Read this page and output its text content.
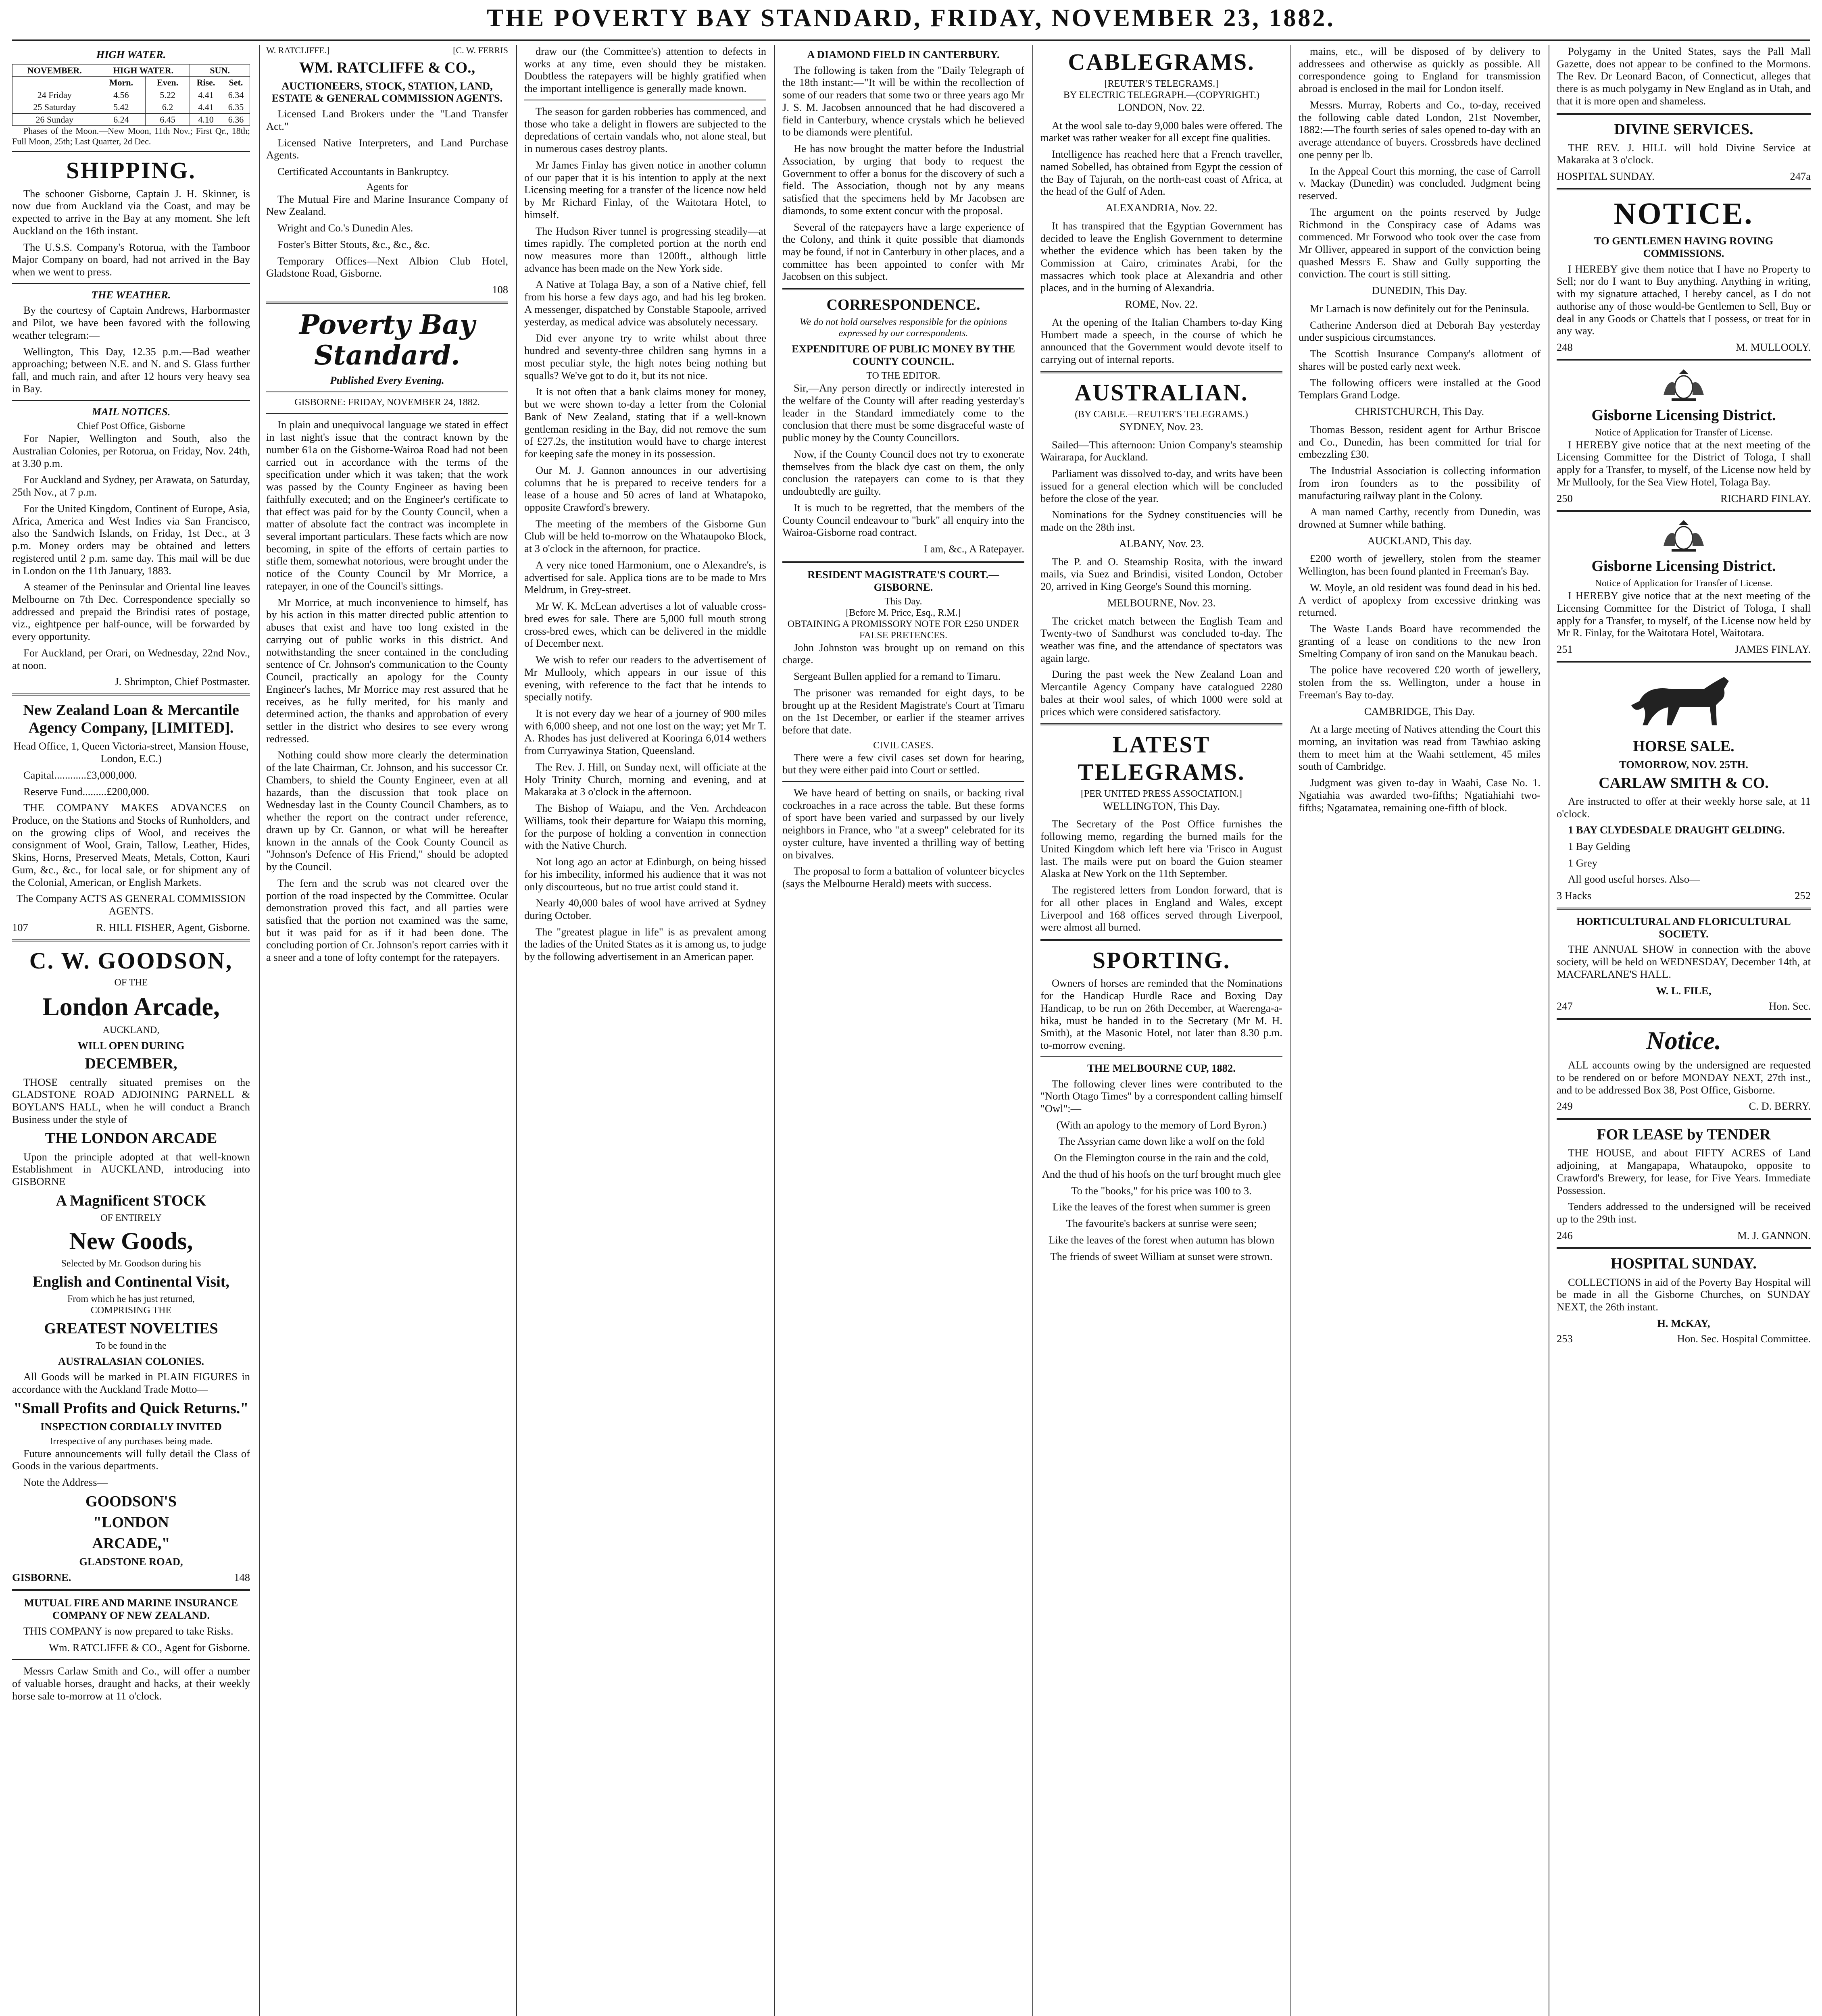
THE POVERTY BAY STANDARD, FRIDAY, NOVEMBER 23, 1882.
HIGH WATER.
NOVEMBER.	HIGH WATER.		SUN.	
	Morn.	Even.	Rise.	Set.
24 Friday	4.56	5.22	4.41	6.34
25 Saturday	5.42	6.2	4.41	6.35
26 Sunday	6.24	6.45	4.10	6.36

Phases of the Moon.—New Moon, 11th Nov.; First Qr., 18th; Full Moon, 25th; Last Quarter, 2d Dec.

SHIPPING.

The schooner Gisborne, Captain J. H. Skinner, is now due from Auckland via the Coast, and may be expected to arrive in the Bay at any moment. She left Auckland on the 16th instant.

The U.S.S. Company's Rotorua, with the Tamboor Major Company on board, had not arrived in the Bay when we went to press.

THE WEATHER.

By the courtesy of Captain Andrews, Harbormaster and Pilot, we have been favored with the following weather telegram:—

Wellington, This Day, 12.35 p.m.—Bad weather approaching; between N.E. and N. and S. Glass further fall, and much rain, and after 12 hours very heavy sea in Bay.

MAIL NOTICES.
Chief Post Office, Gisborne

For Napier, Wellington and South, also the Australian Colonies, per Rotorua, on Friday, Nov. 24th, at 3.30 p.m.

For Auckland and Sydney, per Arawata, on Saturday, 25th Nov., at 7 p.m.

For the United Kingdom, Continent of Europe, Asia, Africa, America and West Indies via San Francisco, also the Sandwich Islands, on Friday, 1st Dec., at 3 p.m. Money orders may be obtained and letters registered until 2 p.m. same day. This mail will be due in London on the 11th January, 1883.

A steamer of the Peninsular and Oriental line leaves Melbourne on 7th Dec. Correspondence specially so addressed and prepaid the Brindisi rates of postage, viz., eightpence per half-ounce, will be forwarded by every opportunity.

For Auckland, per Orari, on Wednesday, 22nd Nov., at noon.

J. Shrimpton, Chief Postmaster.
New Zealand Loan & Mercantile Agency Company, [LIMITED].

Head Office, 1, Queen Victoria-street, Mansion House, London, E.C.)

Capital............£3,000,000.

Reserve Fund.........£200,000.

THE COMPANY MAKES ADVANCES on Produce, on the Stations and Stocks of Runholders, and on the growing clips of Wool, and receives the consignment of Wool, Grain, Tallow, Leather, Hides, Skins, Horns, Preserved Meats, Metals, Cotton, Kauri Gum, &c., &c., for local sale, or for shipment any of the Colonial, American, or English Markets.

The Company ACTS AS GENERAL COMMISSION AGENTS.

107	R. HILL FISHER, Agent, Gisborne.
C. W. GOODSON,
OF THE
London Arcade,
AUCKLAND,
WILL OPEN DURING
DECEMBER,

THOSE centrally situated premises on the GLADSTONE ROAD ADJOINING PARNELL & BOYLAN'S HALL, when he will conduct a Branch Business under the style of

THE LONDON ARCADE

Upon the principle adopted at that well-known Establishment in AUCKLAND, introducing into GISBORNE

A Magnificent STOCK
OF ENTIRELY
New Goods,
Selected by Mr. Goodson during his
English and Continental Visit,
From which he has just returned,
COMPRISING THE
GREATEST NOVELTIES
To be found in the
AUSTRALASIAN COLONIES.

All Goods will be marked in PLAIN FIGURES in accordance with the Auckland Trade Motto—

"Small Profits and Quick Returns."
INSPECTION CORDIALLY INVITED
Irrespective of any purchases being made.

Future announcements will fully detail the Class of Goods in the various departments.

Note the Address—

GOODSON'S
"LONDON
ARCADE,"
GLADSTONE ROAD,
GISBORNE.	148
MUTUAL FIRE AND MARINE INSURANCE COMPANY OF NEW ZEALAND.

THIS COMPANY is now prepared to take Risks.

Wm. RATCLIFFE & CO., Agent for Gisborne.

Messrs Carlaw Smith and Co., will offer a number of valuable horses, draught and hacks, at their weekly horse sale to-morrow at 11 o'clock.

W. RATCLIFFE.]	[C. W. FERRIS
WM. RATCLIFFE & CO.,
AUCTIONEERS, STOCK, STATION, LAND, ESTATE & GENERAL COMMISSION AGENTS.

Licensed Land Brokers under the "Land Transfer Act."

Licensed Native Interpreters, and Land Purchase Agents.

Certificated Accountants in Bankruptcy.

Agents for

The Mutual Fire and Marine Insurance Company of New Zealand.

Wright and Co.'s Dunedin Ales.

Foster's Bitter Stouts, &c., &c., &c.

Temporary Offices—Next Albion Club Hotel, Gladstone Road, Gisborne.

108
Poverty Bay Standard.
Published Every Evening.
GISBORNE: FRIDAY, NOVEMBER 24, 1882.

In plain and unequivocal language we stated in effect in last night's issue that the contract known by the number 61a on the Gisborne-Wairoa Road had not been carried out in accordance with the terms of the specification under which it was taken; that the work was passed by the County Engineer as having been faithfully executed; and on the Engineer's certificate to that effect was paid for by the County Council, when a matter of absolute fact the contract was incomplete in several important particulars. These facts which are now becoming, in spite of the efforts of certain parties to stifle them, somewhat notorious, were brought under the notice of the County Council by Mr Morrice, a ratepayer, in one of the Council's sittings.

Mr Morrice, at much inconvenience to himself, has by his action in this matter directed public attention to abuses that exist and have too long existed in the carrying out of public works in this district. And notwithstanding the sneer contained in the concluding sentence of Cr. Johnson's communication to the County Council, practically an apology for the County Engineer's laches, Mr Morrice may rest assured that he receives, as he fully merited, for his manly and determined action, the thanks and approbation of every settler in the district who desires to see every wrong redressed.

Nothing could show more clearly the determination of the late Chairman, Cr. Johnson, and his successor Cr. Chambers, to shield the County Engineer, even at all hazards, than the discussion that took place on Wednesday last in the County Council Chambers, as to whether the report on the contract under reference, drawn up by Cr. Gannon, or what will be hereafter known in the annals of the Cook County Council as "Johnson's Defence of His Friend," should be adopted by the Council.

The fern and the scrub was not cleared over the portion of the road inspected by the Committee. Ocular demonstration proved this fact, and all parties were satisfied that the portion not examined was the same, but it was paid for as if it had been done. The concluding portion of Cr. Johnson's report carries with it a sneer and a tone of lofty contempt for the ratepayers.

draw our (the Committee's) attention to defects in works at any time, even should they be mistaken. Doubtless the ratepayers will be highly gratified when the important intelligence is generally made known.

The season for garden robberies has commenced, and those who take a delight in flowers are subjected to the depredations of certain vandals who, not alone steal, but in numerous cases destroy plants.

Mr James Finlay has given notice in another column of our paper that it is his intention to apply at the next Licensing meeting for a transfer of the licence now held by Mr Richard Finlay, of the Waitotara Hotel, to himself.

The Hudson River tunnel is progressing steadily—at times rapidly. The completed portion at the north end now measures more than 1200ft., although little advance has been made on the New York side.

A Native at Tolaga Bay, a son of a Native chief, fell from his horse a few days ago, and had his leg broken. A messenger, dispatched by Constable Stapoole, arrived yesterday, as medical advice was absolutely necessary.

Did ever anyone try to write whilst about three hundred and seventy-three children sang hymns in a most peculiar style, the high notes being nothing but squalls? We've got to do it, but its not nice.

It is not often that a bank claims money for money, but we were shown to-day a letter from the Colonial Bank of New Zealand, stating that if a well-known gentleman residing in the Bay, did not remove the sum of £27.2s, the institution would have to charge interest for keeping safe the money in its possession.

Our M. J. Gannon announces in our advertising columns that he is prepared to receive tenders for a lease of a house and 50 acres of land at Whatapoko, opposite Crawford's brewery.

The meeting of the members of the Gisborne Gun Club will be held to-morrow on the Whataupoko Block, at 3 o'clock in the afternoon, for practice.

A very nice toned Harmonium, one o Alexandre's, is advertised for sale. Applica tions are to be made to Mrs Meldrum, in Grey-street.

Mr W. K. McLean advertises a lot of valuable cross-bred ewes for sale. There are 5,000 full mouth strong cross-bred ewes, which can be delivered in the middle of December next.

We wish to refer our readers to the advertisement of Mr Mullooly, which appears in our issue of this evening, with reference to the fact that he intends to specially notify.

It is not every day we hear of a journey of 900 miles with 6,000 sheep, and not one lost on the way; yet Mr T. A. Rhodes has just delivered at Kooringa 6,014 wethers from Curryawinya Station, Queensland.

The Rev. J. Hill, on Sunday next, will officiate at the Holy Trinity Church, morning and evening, and at Makaraka at 3 o'clock in the afternoon.

The Bishop of Waiapu, and the Ven. Archdeacon Williams, took their departure for Waiapu this morning, for the purpose of holding a convention in connection with the Native Church.

Not long ago an actor at Edinburgh, on being hissed for his imbecility, informed his audience that it was not only discourteous, but no true artist could stand it.

Nearly 40,000 bales of wool have arrived at Sydney during October.

The "greatest plague in life" is as prevalent among the ladies of the United States as it is among us, to judge by the following advertisement in an American paper.

A DIAMOND FIELD IN CANTERBURY.

The following is taken from the "Daily Telegraph of the 18th instant:—"It will be within the recollection of some of our readers that some two or three years ago Mr J. S. M. Jacobsen announced that he had discovered a field in Canterbury, whence crystals which he believed to be diamonds were plentiful.

He has now brought the matter before the Industrial Association, by urging that body to request the Government to offer a bonus for the discovery of such a field. The Association, though not by any means satisfied that the specimens held by Mr Jacobsen are diamonds, to some extent concur with the proposal.

Several of the ratepayers have a large experience of the Colony, and think it quite possible that diamonds may be found, if not in Canterbury in other places, and a committee has been appointed to confer with Mr Jacobsen on this subject.

CORRESPONDENCE.
We do not hold ourselves responsible for the opinions expressed by our correspondents.
EXPENDITURE OF PUBLIC MONEY BY THE COUNTY COUNCIL.
TO THE EDITOR.

Sir,—Any person directly or indirectly interested in the welfare of the County will after reading yesterday's leader in the Standard immediately come to the conclusion that there must be some disgraceful waste of public money by the County Councillors.

Now, if the County Council does not try to exonerate themselves from the black dye cast on them, the only conclusion the ratepayers can come to is that they undoubtedly are guilty.

It is much to be regretted, that the members of the County Council endeavour to "burk" all enquiry into the Wairoa-Gisborne road contract.

I am, &c., A Ratepayer.
RESIDENT MAGISTRATE'S COURT.—GISBORNE.
This Day.
[Before M. Price, Esq., R.M.]
OBTAINING A PROMISSORY NOTE FOR £250 UNDER FALSE PRETENCES.

John Johnston was brought up on remand on this charge.

Sergeant Bullen applied for a remand to Timaru.

The prisoner was remanded for eight days, to be brought up at the Resident Magistrate's Court at Timaru on the 1st December, or earlier if the steamer arrives before that date.

CIVIL CASES.

There were a few civil cases set down for hearing, but they were either paid into Court or settled.

We have heard of betting on snails, or backing rival cockroaches in a race across the table. But these forms of sport have been varied and surpassed by our lively neighbors in France, who "at a sweep" celebrated for its oyster culture, have invented a thrilling way of betting on bivalves.

The proposal to form a battalion of volunteer bicycles (says the Melbourne Herald) meets with success.

CABLEGRAMS.
[REUTER'S TELEGRAMS.]
BY ELECTRIC TELEGRAPH.—(COPYRIGHT.)
LONDON, Nov. 22.

At the wool sale to-day 9,000 bales were offered. The market was rather weaker for all except fine qualities.

Intelligence has reached here that a French traveller, named Sobelled, has obtained from Egypt the cession of the Bay of Tajurah, on the north-east coast of Africa, at the head of the Gulf of Aden.

ALEXANDRIA, Nov. 22.

It has transpired that the Egyptian Government has decided to leave the English Government to determine whether the evidence which has been taken by the Commission at Cairo, criminates Arabi, for the massacres which took place at Alexandria and other places, and in the burning of Alexandria.

ROME, Nov. 22.

At the opening of the Italian Chambers to-day King Humbert made a speech, in the course of which he announced that the Government would devote itself to carrying out of internal reports.

AUSTRALIAN.
(BY CABLE.—REUTER'S TELEGRAMS.)
SYDNEY, Nov. 23.

Sailed—This afternoon: Union Company's steamship Wairarapa, for Auckland.

Parliament was dissolved to-day, and writs have been issued for a general election which will be concluded before the close of the year.

Nominations for the Sydney constituencies will be made on the 28th inst.

ALBANY, Nov. 23.

The P. and O. Steamship Rosita, with the inward mails, via Suez and Brindisi, visited London, October 20, arrived in King George's Sound this morning.

MELBOURNE, Nov. 23.

The cricket match between the English Team and Twenty-two of Sandhurst was concluded to-day. The weather was fine, and the attendance of spectators was again large.

During the past week the New Zealand Loan and Mercantile Agency Company have catalogued 2280 bales at their wool sales, of which 1000 were sold at prices which were considered satisfactory.

LATEST TELEGRAMS.
[PER UNITED PRESS ASSOCIATION.]
WELLINGTON, This Day.

The Secretary of the Post Office furnishes the following memo, regarding the burned mails for the United Kingdom which left here via 'Frisco in August last. The mails were put on board the Guion steamer Alaska at New York on the 11th September.

The registered letters from London forward, that is for all other places in England and Wales, except Liverpool and 168 offices served through Liverpool, were almost all burned.

SPORTING.

Owners of horses are reminded that the Nominations for the Handicap Hurdle Race and Boxing Day Handicap, to be run on 26th December, at Waerenga-a-hika, must be handed in to the Secretary (Mr M. H. Smith), at the Masonic Hotel, not later than 8.30 p.m. to-morrow evening.

THE MELBOURNE CUP, 1882.

The following clever lines were contributed to the "North Otago Times" by a correspondent calling himself "Owl":—

(With an apology to the memory of Lord Byron.)

The Assyrian came down like a wolf on the fold

On the Flemington course in the rain and the cold,

And the thud of his hoofs on the turf brought much glee

To the "books," for his price was 100 to 3.

Like the leaves of the forest when summer is green

The favourite's backers at sunrise were seen;

Like the leaves of the forest when autumn has blown

The friends of sweet William at sunset were strown.

mains, etc., will be disposed of by delivery to addressees and otherwise as quickly as possible. All correspondence going to England for transmission abroad is enclosed in the mail for London itself.

Messrs. Murray, Roberts and Co., to-day, received the following cable dated London, 21st November, 1882:—The fourth series of sales opened to-day with an average attendance of buyers. Crossbreds have declined one penny per lb.

In the Appeal Court this morning, the case of Carroll v. Mackay (Dunedin) was concluded. Judgment being reserved.

The argument on the points reserved by Judge Richmond in the Conspiracy case of Adams was commenced. Mr Forwood who took over the case from Mr Olliver, appeared in support of the conviction being quashed Messrs E. Shaw and Gully supporting the conviction. The court is still sitting.

DUNEDIN, This Day.

Mr Larnach is now definitely out for the Peninsula.

Catherine Anderson died at Deborah Bay yesterday under suspicious circumstances.

The Scottish Insurance Company's allotment of shares will be posted early next week.

The following officers were installed at the Good Templars Grand Lodge.

CHRISTCHURCH, This Day.

Thomas Besson, resident agent for Arthur Briscoe and Co., Dunedin, has been committed for trial for embezzling £30.

The Industrial Association is collecting information from iron founders as to the possibility of manufacturing railway plant in the Colony.

A man named Carthy, recently from Dunedin, was drowned at Sumner while bathing.

AUCKLAND, This day.

£200 worth of jewellery, stolen from the steamer Wellington, has been found planted in Freeman's Bay.

W. Moyle, an old resident was found dead in his bed. A verdict of apoplexy from excessive drinking was returned.

The Waste Lands Board have recommended the granting of a lease on conditions to the new Iron Smelting Company of iron sand on the Manukau beach.

The police have recovered £20 worth of jewellery, stolen from the ss. Wellington, under a house in Freeman's Bay to-day.

CAMBRIDGE, This Day.

At a large meeting of Natives attending the Court this morning, an invitation was read from Tawhiao asking them to meet him at the Waahi settlement, 45 miles south of Cambridge.

Judgment was given to-day in Waahi, Case No. 1. Ngatiahia was awarded two-fifths; Ngatiahiahi two-fifths; Ngatamatea, remaining one-fifth of block.

Polygamy in the United States, says the Pall Mall Gazette, does not appear to be confined to the Mormons. The Rev. Dr Leonard Bacon, of Connecticut, alleges that there is as much polygamy in New England as in Utah, and that it is more open and shameless.

DIVINE SERVICES.

THE REV. J. HILL will hold Divine Service at Makaraka at 3 o'clock.

HOSPITAL SUNDAY.	247a
NOTICE.
TO GENTLEMEN HAVING ROVING COMMISSIONS.

I HEREBY give them notice that I have no Property to Sell; nor do I want to Buy anything. Anything in writing, with my signature attached, I hereby cancel, as I do not authorise any of those would-be Gentlemen to Sell, Buy or deal in any Goods or Chattels that I possess, or treat for in any way.

248	M. MULLOOLY.
Gisborne Licensing District.
Notice of Application for Transfer of License.

I HEREBY give notice that at the next meeting of the Licensing Committee for the District of Tologa, I shall apply for a Transfer, to myself, of the License now held by Mr Mullooly, for the Sea View Hotel, Tolaga Bay.

250	RICHARD FINLAY.
Gisborne Licensing District.
Notice of Application for Transfer of License.

I HEREBY give notice that at the next meeting of the Licensing Committee for the District of Tologa, I shall apply for a Transfer, to myself, of the License now held by Mr R. Finlay, for the Waitotara Hotel, Waitotara.

251	JAMES FINLAY.
HORSE SALE.
TOMORROW, NOV. 25TH.
CARLAW SMITH & CO.

Are instructed to offer at their weekly horse sale, at 11 o'clock.

1 BAY CLYDESDALE DRAUGHT GELDING.

1 Bay Gelding

1 Grey

All good useful horses. Also—

3 Hacks	252
HORTICULTURAL AND FLORICULTURAL SOCIETY.

THE ANNUAL SHOW in connection with the above society, will be held on WEDNESDAY, December 14th, at MACFARLANE'S HALL.

W. L. FILE,
247	Hon. Sec.
Notice.

ALL accounts owing by the undersigned are requested to be rendered on or before MONDAY NEXT, 27th inst., and to be addressed Box 38, Post Office, Gisborne.

249	C. D. BERRY.
FOR LEASE by TENDER

THE HOUSE, and about FIFTY ACRES of Land adjoining, at Mangapapa, Whataupoko, opposite to Crawford's Brewery, for lease, for Five Years. Immediate Possession.

Tenders addressed to the undersigned will be received up to the 29th inst.

246	M. J. GANNON.
HOSPITAL SUNDAY.

COLLECTIONS in aid of the Poverty Bay Hospital will be made in all the Gisborne Churches, on SUNDAY NEXT, the 26th instant.

H. McKAY,
253	Hon. Sec. Hospital Committee.
